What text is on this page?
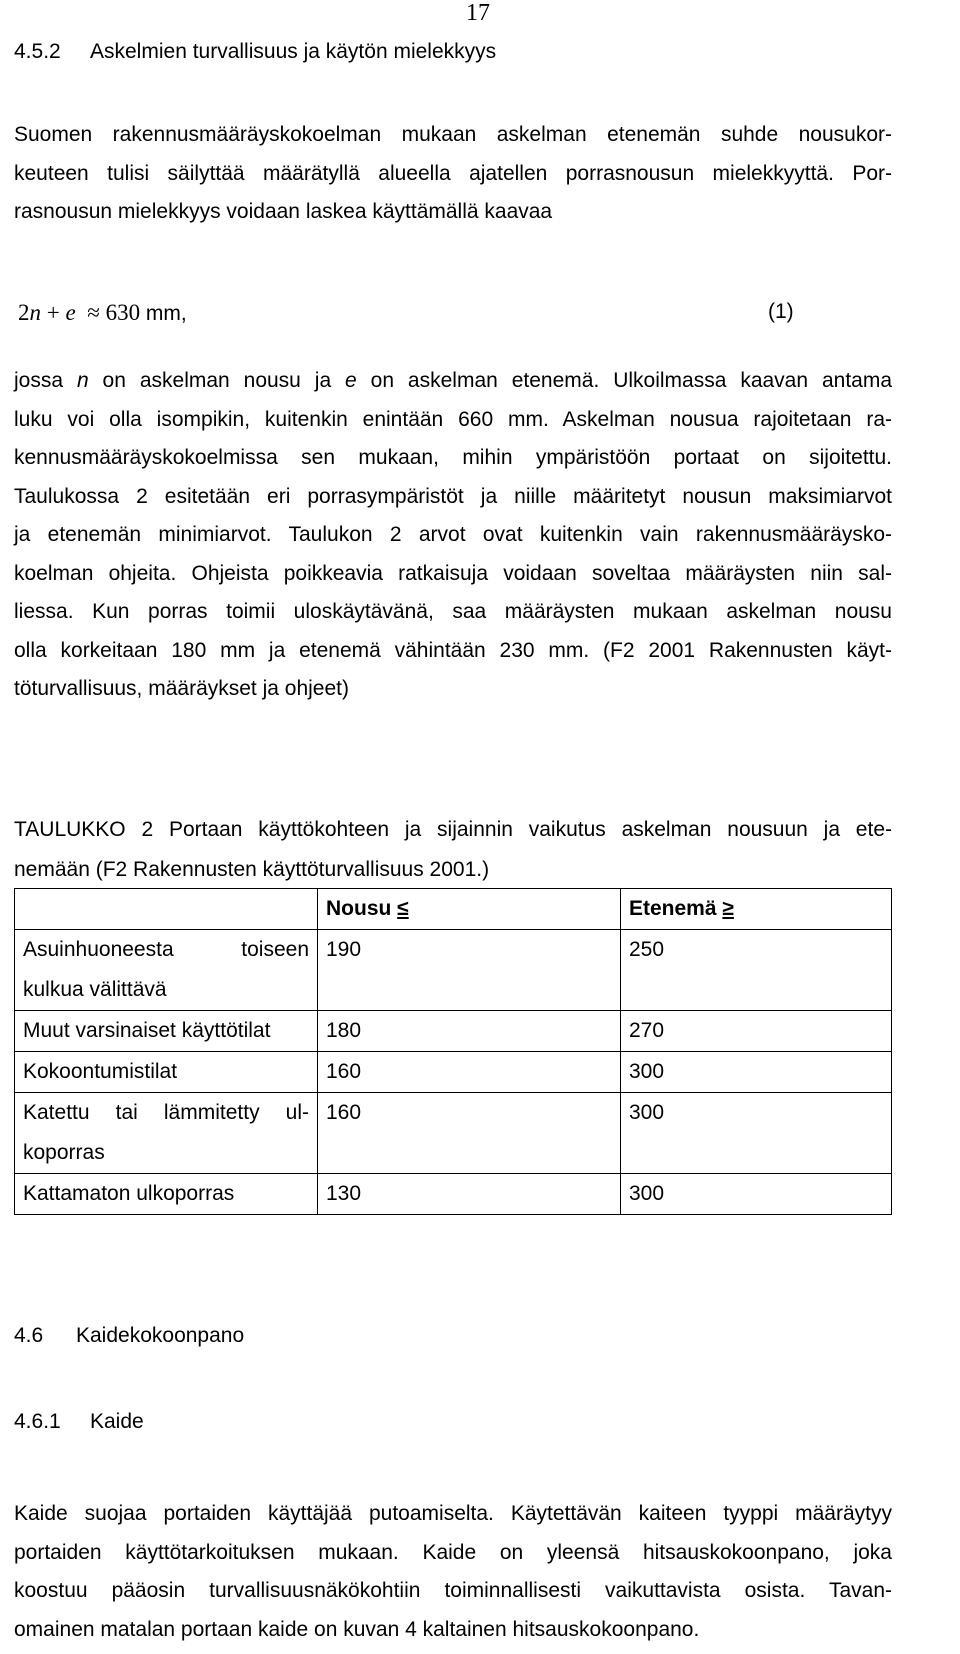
17
4.5.2 Askelmien turvallisuus ja käytön mielekkyys
Suomen rakennusmääräyskokoelman mukaan askelman etenemän suhde nousukor-
keuteen tulisi säilyttää määrätyllä alueella ajatellen porrasnousun mielekkyyttä. Por-
rasnousun mielekkyys voidaan laskea käyttämällä kaavaa
2n + e ≈ 630 mm,	(1)
jossa n on askelman nousu ja e on askelman etenemä. Ulkoilmassa kaavan antama
luku voi olla isompikin, kuitenkin enintään 660 mm. Askelman nousua rajoitetaan ra-
kennusmääräyskokoelmissa sen mukaan, mihin ympäristöön portaat on sijoitettu.
Taulukossa 2 esitetään eri porrasympäristöt ja niille määritetyt nousun maksimiarvot
ja etenemän minimiarvot. Taulukon 2 arvot ovat kuitenkin vain rakennusmääräysko-
koelman ohjeita. Ohjeista poikkeavia ratkaisuja voidaan soveltaa määräysten niin sal-
liessa. Kun porras toimii uloskäytävänä, saa määräysten mukaan askelman nousu
olla korkeitaan 180 mm ja etenemä vähintään 230 mm. (F2 2001 Rakennusten käyt-
töturvallisuus, määräykset ja ohjeet)
TAULUKKO 2 Portaan käyttökohteen ja sijainnin vaikutus askelman nousuun ja ete-
nemään (F2 Rakennusten käyttöturvallisuus 2001.)
	Nousu ≤	Etenemä ≥

Asuinhuoneesta toiseen
kulkua välittävä	190	250
Muut varsinaiset käyttötilat	180	270
Kokoontumistilat	160	300

Katettu tai lämmitetty ul-
koporras	160	300
Kattamaton ulkoporras	130	300
4.6 Kaidekokoonpano
4.6.1 Kaide
Kaide suojaa portaiden käyttäjää putoamiselta. Käytettävän kaiteen tyyppi määräytyy
portaiden käyttötarkoituksen mukaan. Kaide on yleensä hitsauskokoonpano, joka
koostuu pääosin turvallisuusnäkökohtiin toiminnallisesti vaikuttavista osista. Tavan-
omainen matalan portaan kaide on kuvan 4 kaltainen hitsauskokoonpano.
